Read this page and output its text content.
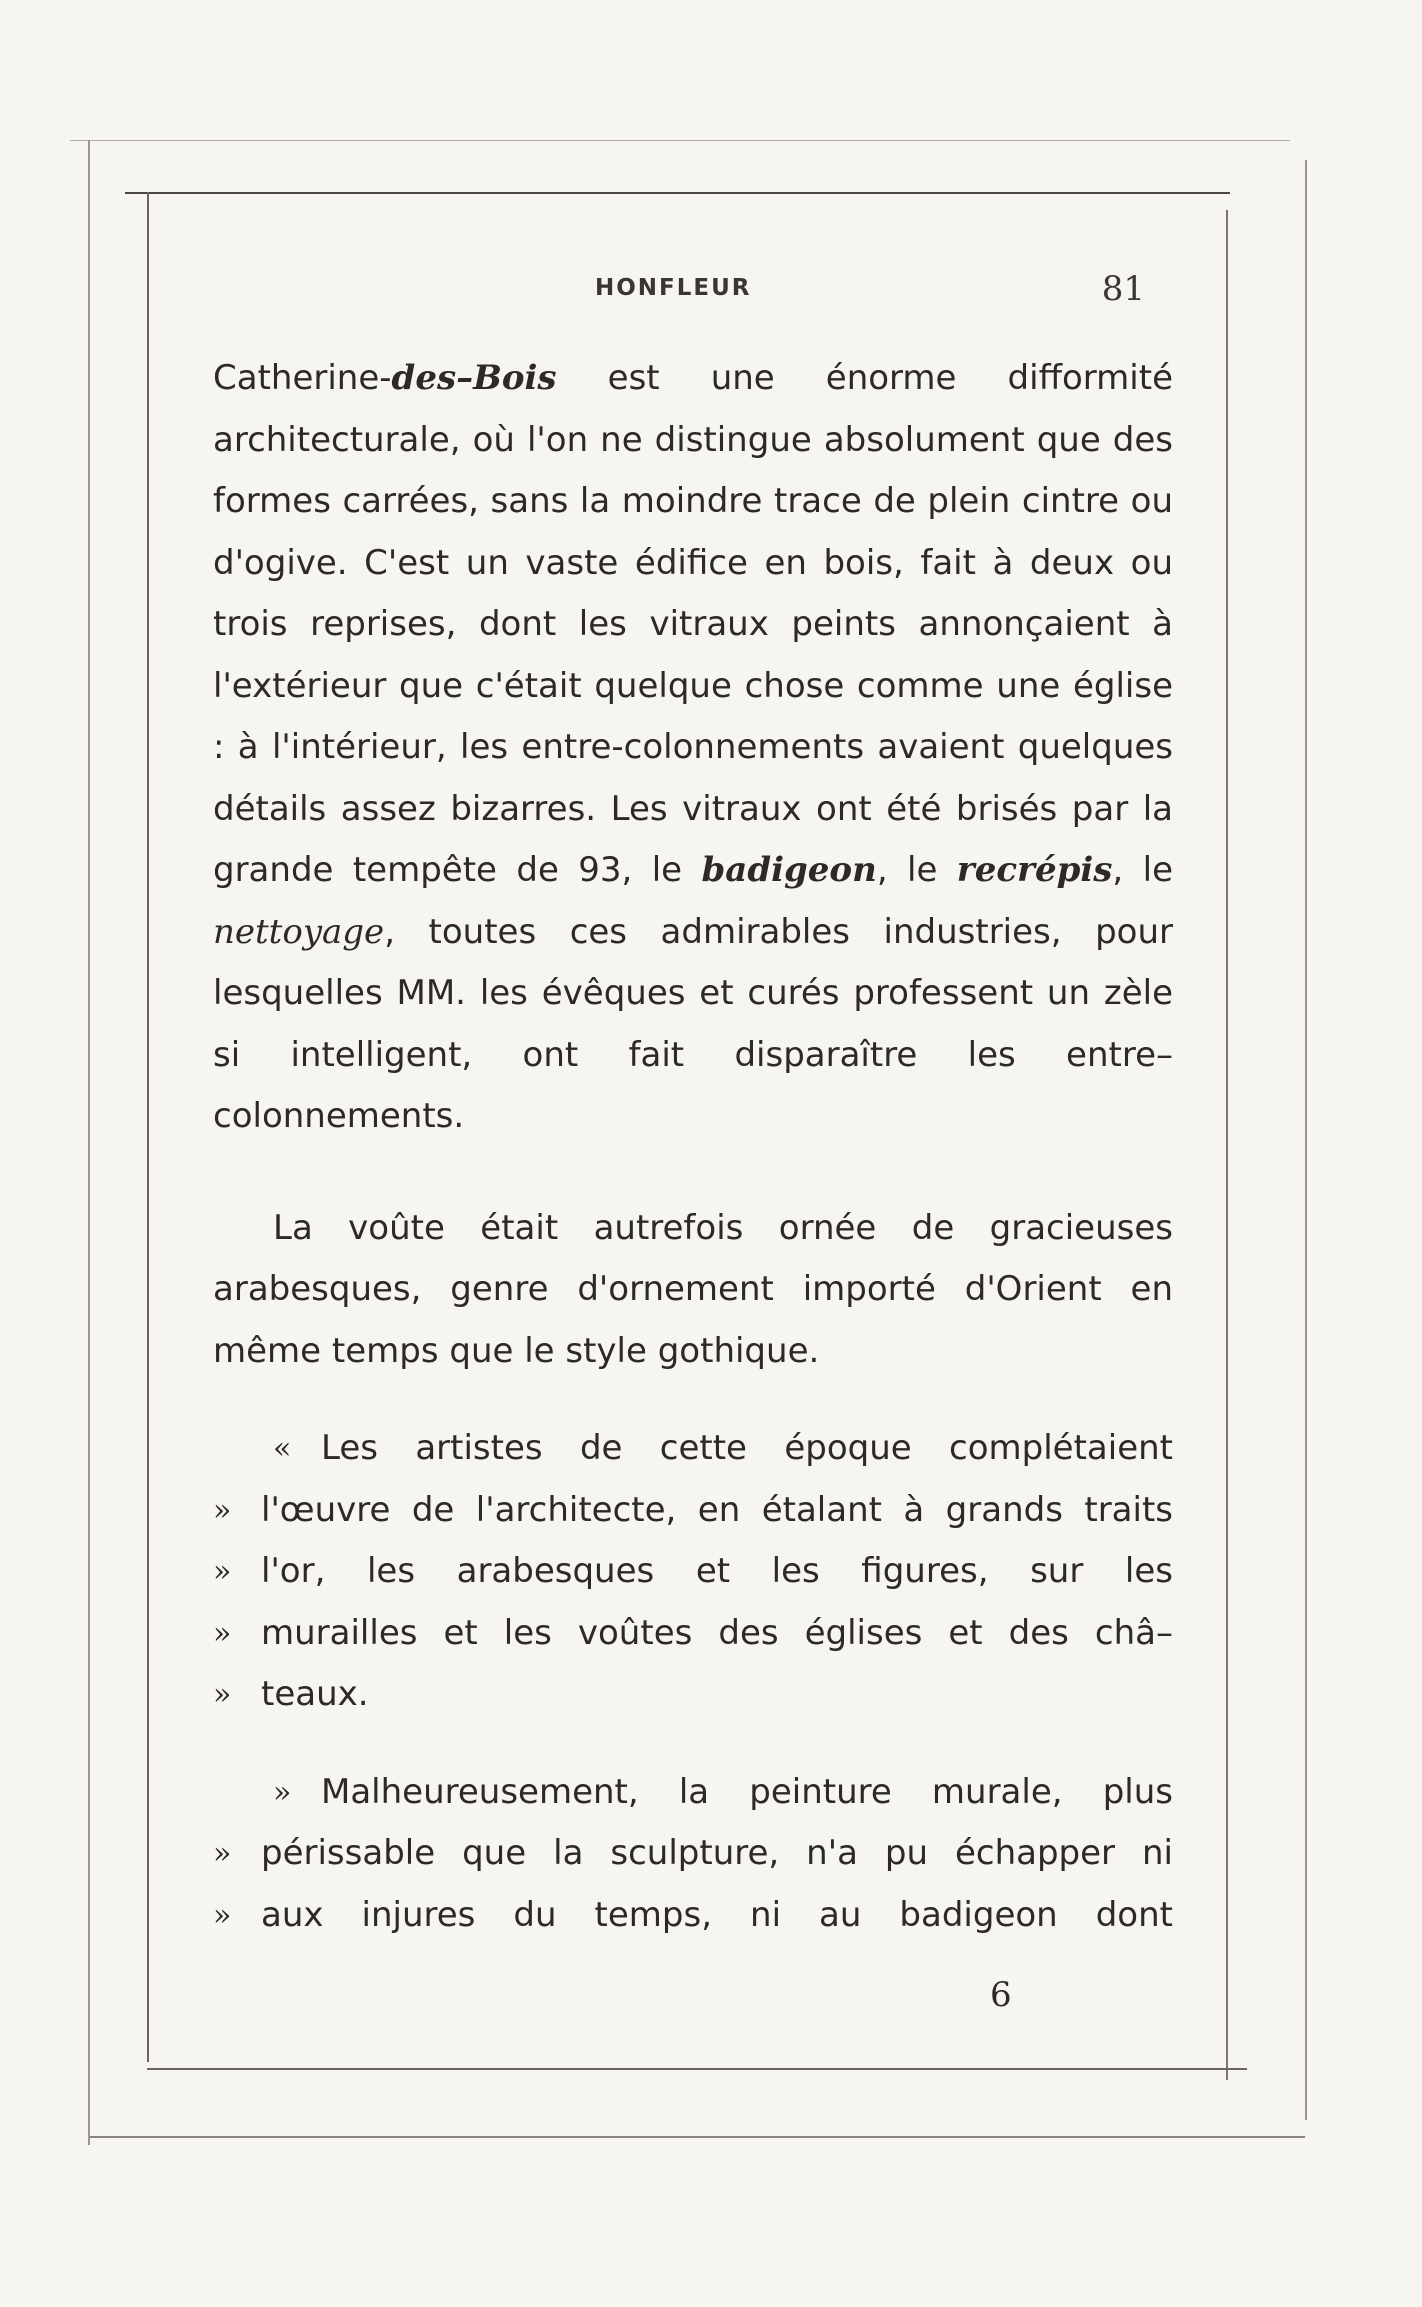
HONFLEUR	81

Catherine-des–Bois est une énorme difformité architecturale, où l'on ne distingue absolument que des formes carrées, sans la moindre trace de plein cintre ou d'ogive. C'est un vaste édifice en bois, fait à deux ou trois reprises, dont les vitraux peints annonçaient à l'extérieur que c'était quelque chose comme une église : à l'intérieur, les entre-colonnements avaient quelques détails assez bizarres. Les vitraux ont été brisés par la grande tempête de 93, le badigeon, le recrépis, le nettoyage, toutes ces admirables industries, pour lesquelles MM. les évêques et curés professent un zèle si intelligent, ont fait disparaître les entre–colonnements.

La voûte était autrefois ornée de gracieuses arabesques, genre d'ornement importé d'Orient en même temps que le style gothique.

« Les artistes de cette époque complétaient
» l'œuvre de l'architecte, en étalant à grands traits
» l'or, les arabesques et les figures, sur les
» murailles et les voûtes des églises et des châ–
» teaux.
» Malheureusement, la peinture murale, plus
» périssable que la sculpture, n'a pu échapper ni
» aux injures du temps, ni au badigeon dont
6
